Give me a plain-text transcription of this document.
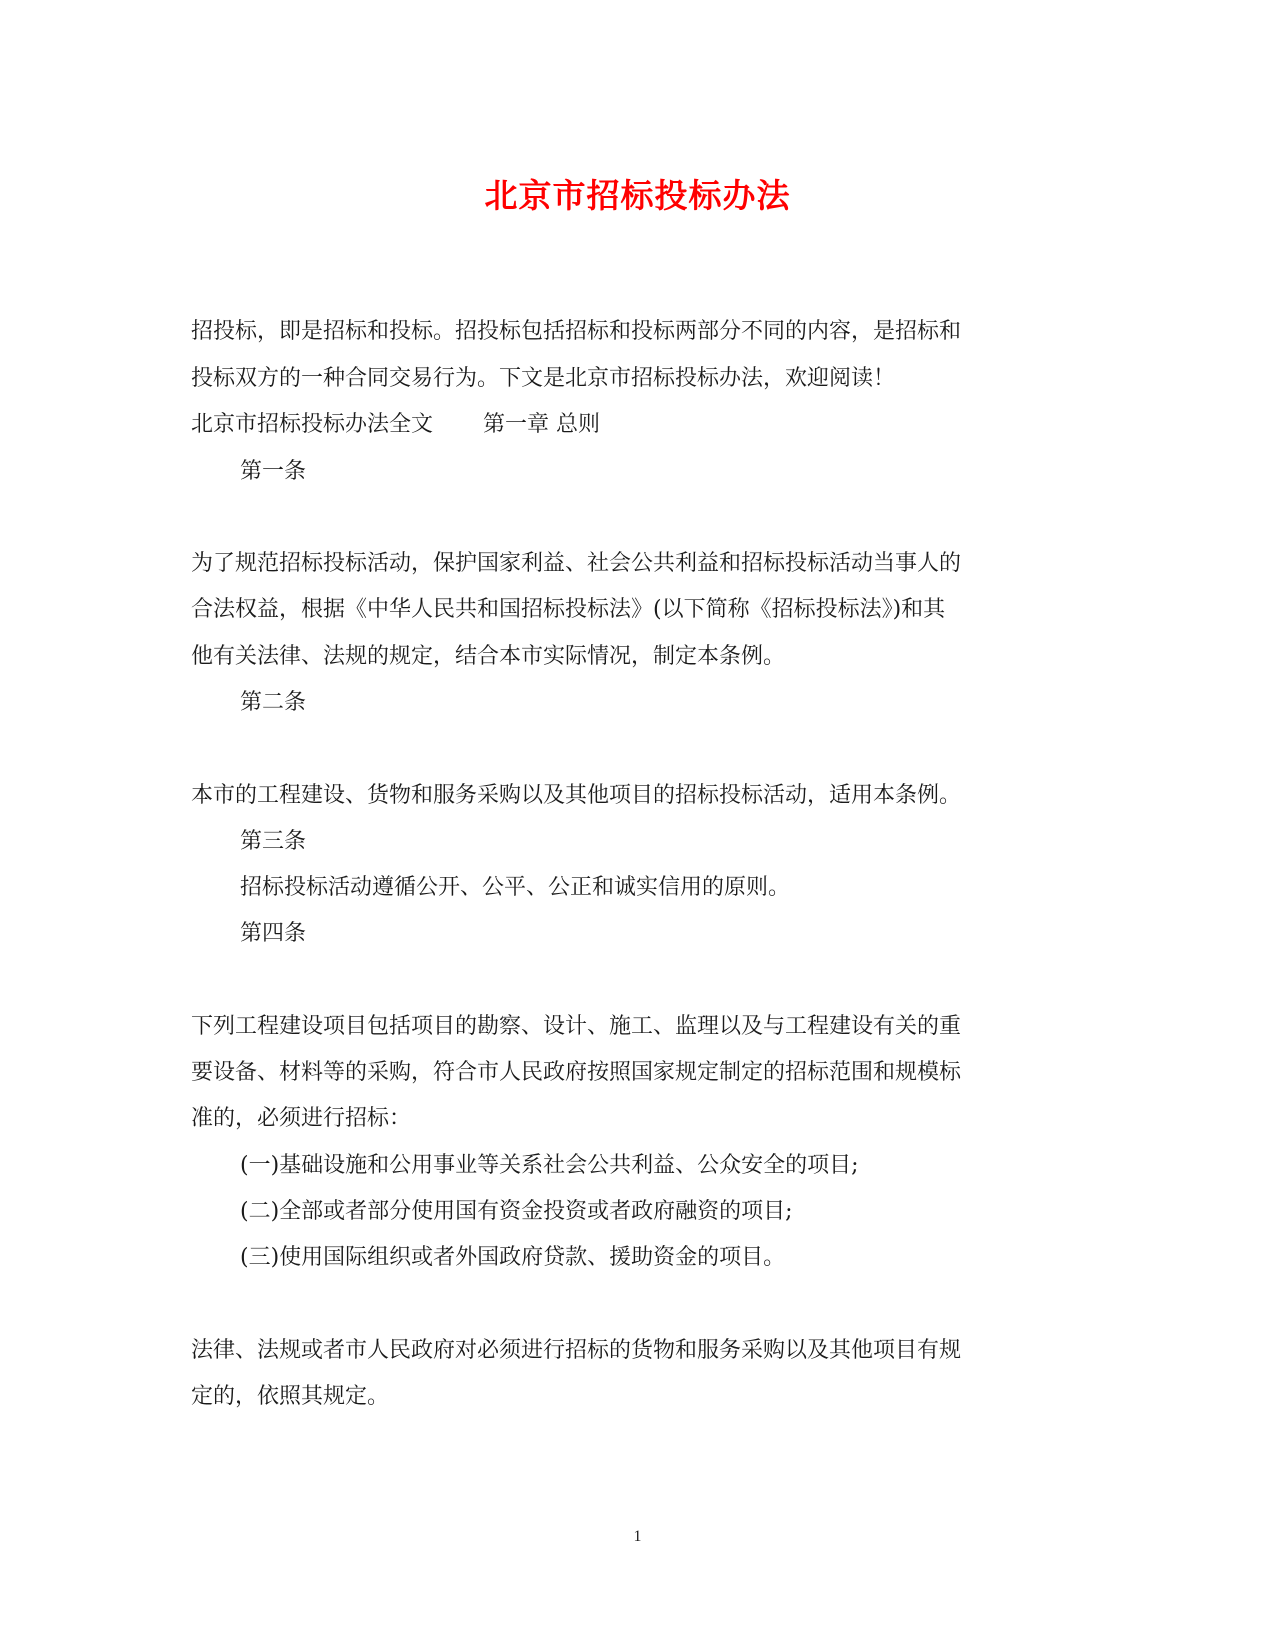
北京市招标投标办法
招投标，即是招标和投标。招投标包括招标和投标两部分不同的内容，是招标和
投标双方的一种合同交易行为。下文是北京市招标投标办法，欢迎阅读！
北京市招标投标办法全文 第一章 总则
第一条
为了规范招标投标活动，保护国家利益、社会公共利益和招标投标活动当事人的
合法权益，根据《中华人民共和国招标投标法》(以下简称《招标投标法》)和其
他有关法律、法规的规定，结合本市实际情况，制定本条例。
第二条
本市的工程建设、货物和服务采购以及其他项目的招标投标活动，适用本条例。
第三条
招标投标活动遵循公开、公平、公正和诚实信用的原则。
第四条
下列工程建设项目包括项目的勘察、设计、施工、监理以及与工程建设有关的重
要设备、材料等的采购，符合市人民政府按照国家规定制定的招标范围和规模标
准的，必须进行招标：
(一)基础设施和公用事业等关系社会公共利益、公众安全的项目;
(二)全部或者部分使用国有资金投资或者政府融资的项目;
(三)使用国际组织或者外国政府贷款、援助资金的项目。
法律、法规或者市人民政府对必须进行招标的货物和服务采购以及其他项目有规
定的，依照其规定。
1
